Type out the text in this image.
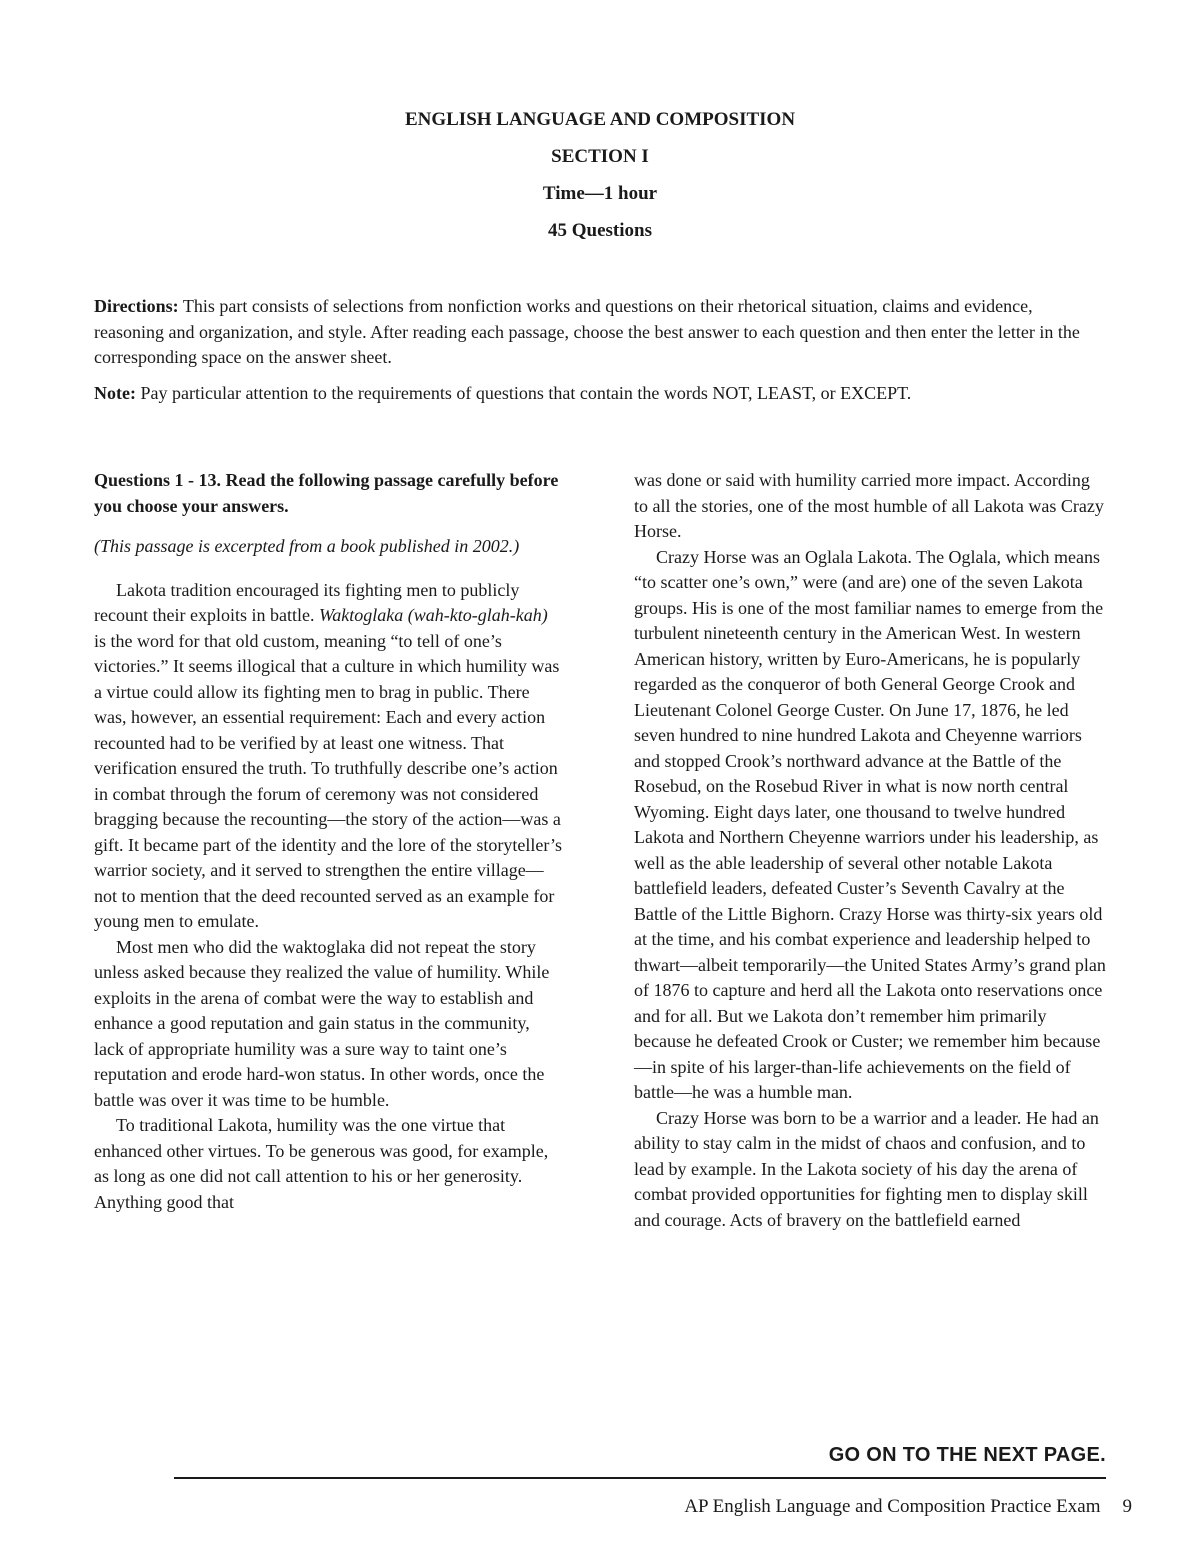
ENGLISH LANGUAGE AND COMPOSITION
SECTION I
Time—1 hour
45 Questions

Directions: This part consists of selections from nonfiction works and questions on their rhetorical situation, claims and evidence, reasoning and organization, and style. After reading each passage, choose the best answer to each question and then enter the letter in the corresponding space on the answer sheet.

Note: Pay particular attention to the requirements of questions that contain the words NOT, LEAST, or EXCEPT.

Questions 1 - 13. Read the following passage carefully before you choose your answers.
(This passage is excerpted from a book published in 2002.)

Lakota tradition encouraged its fighting men to publicly recount their exploits in battle. Waktoglaka (wah-kto-glah-kah) is the word for that old custom, meaning “to tell of one’s victories.” It seems illogical that a culture in which humility was a virtue could allow its fighting men to brag in public. There was, however, an essential requirement: Each and every action recounted had to be verified by at least one witness. That verification ensured the truth. To truthfully describe one’s action in combat through the forum of ceremony was not considered bragging because the recounting—the story of the action—was a gift. It became part of the identity and the lore of the storyteller’s warrior society, and it served to strengthen the entire village—not to mention that the deed recounted served as an example for young men to emulate.

Most men who did the waktoglaka did not repeat the story unless asked because they realized the value of humility. While exploits in the arena of combat were the way to establish and enhance a good reputation and gain status in the community, lack of appropriate humility was a sure way to taint one’s reputation and erode hard-won status. In other words, once the battle was over it was time to be humble.

To traditional Lakota, humility was the one virtue that enhanced other virtues. To be generous was good, for example, as long as one did not call attention to his or her generosity. Anything good that

was done or said with humility carried more impact. According to all the stories, one of the most humble of all Lakota was Crazy Horse.

Crazy Horse was an Oglala Lakota. The Oglala, which means “to scatter one’s own,” were (and are) one of the seven Lakota groups. His is one of the most familiar names to emerge from the turbulent nineteenth century in the American West. In western American history, written by Euro-Americans, he is popularly regarded as the conqueror of both General George Crook and Lieutenant Colonel George Custer. On June 17, 1876, he led seven hundred to nine hundred Lakota and Cheyenne warriors and stopped Crook’s northward advance at the Battle of the Rosebud, on the Rosebud River in what is now north central Wyoming. Eight days later, one thousand to twelve hundred Lakota and Northern Cheyenne warriors under his leadership, as well as the able leadership of several other notable Lakota battlefield leaders, defeated Custer’s Seventh Cavalry at the Battle of the Little Bighorn. Crazy Horse was thirty-six years old at the time, and his combat experience and leadership helped to thwart—albeit temporarily—the United States Army’s grand plan of 1876 to capture and herd all the Lakota onto reservations once and for all. But we Lakota don’t remember him primarily because he defeated Crook or Custer; we remember him because—in spite of his larger-than-life achievements on the field of battle—he was a humble man.

Crazy Horse was born to be a warrior and a leader. He had an ability to stay calm in the midst of chaos and confusion, and to lead by example. In the Lakota society of his day the arena of combat provided opportunities for fighting men to display skill and courage. Acts of bravery on the battlefield earned

GO ON TO THE NEXT PAGE.
AP English Language and Composition Practice Exam 9
